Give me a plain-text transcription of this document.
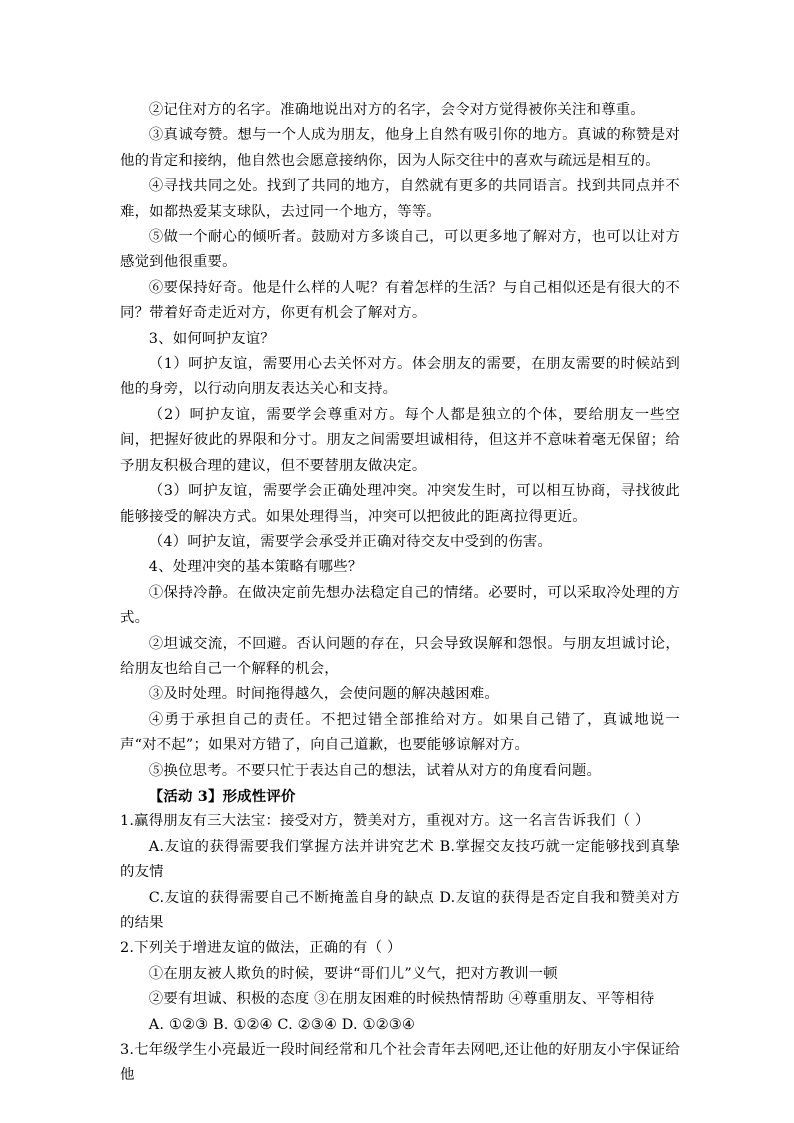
②记住对方的名字。准确地说出对方的名字，会令对方觉得被你关注和尊重。

③真诚夸赞。想与一个人成为朋友，他身上自然有吸引你的地方。真诚的称赞是对他的肯定和接纳，他自然也会愿意接纳你，因为人际交往中的喜欢与疏远是相互的。

④寻找共同之处。找到了共同的地方，自然就有更多的共同语言。找到共同点并不难，如都热爱某支球队，去过同一个地方，等等。

⑤做一个耐心的倾听者。鼓励对方多谈自己，可以更多地了解对方，也可以让对方感觉到他很重要。

⑥要保持好奇。他是什么样的人呢？有着怎样的生活？与自己相似还是有很大的不同？带着好奇走近对方，你更有机会了解对方。

3、如何呵护友谊？

（1）呵护友谊，需要用心去关怀对方。体会朋友的需要，在朋友需要的时候站到他的身旁，以行动向朋友表达关心和支持。

（2）呵护友谊，需要学会尊重对方。每个人都是独立的个体，要给朋友一些空间，把握好彼此的界限和分寸。朋友之间需要坦诚相待，但这并不意味着毫无保留；给予朋友积极合理的建议，但不要替朋友做决定。

（3）呵护友谊，需要学会正确处理冲突。冲突发生时，可以相互协商，寻找彼此能够接受的解决方式。如果处理得当，冲突可以把彼此的距离拉得更近。

（4）呵护友谊，需要学会承受并正确对待交友中受到的伤害。

4、处理冲突的基本策略有哪些？

①保持冷静。在做决定前先想办法稳定自己的情绪。必要时，可以采取冷处理的方式。

②坦诚交流，不回避。否认问题的存在，只会导致误解和怨恨。与朋友坦诚讨论，给朋友也给自己一个解释的机会，

③及时处理。时间拖得越久，会使问题的解决越困难。

④勇于承担自己的责任。不把过错全部推给对方。如果自己错了，真诚地说一声“对不起”；如果对方错了，向自己道歉，也要能够谅解对方。

⑤换位思考。不要只忙于表达自己的想法，试着从对方的角度看问题。

【活动 3】形成性评价

1.赢得朋友有三大法宝：接受对方，赞美对方，重视对方。这一名言告诉我们（ ）

A.友谊的获得需要我们掌握方法并讲究艺术 B.掌握交友技巧就一定能够找到真挚的友情

C.友谊的获得需要自己不断掩盖自身的缺点 D.友谊的获得是否定自我和赞美对方的结果

2.下列关于增进友谊的做法，正确的有（ ）

①在朋友被人欺负的时候，要讲“哥们儿”义气，把对方教训一顿

②要有坦诚、积极的态度 ③在朋友困难的时候热情帮助 ④尊重朋友、平等相待

A. ①②③ B. ①②④ C. ②③④ D. ①②③④

3.七年级学生小亮最近一段时间经常和几个社会青年去网吧,还让他的好朋友小宇保证给他
